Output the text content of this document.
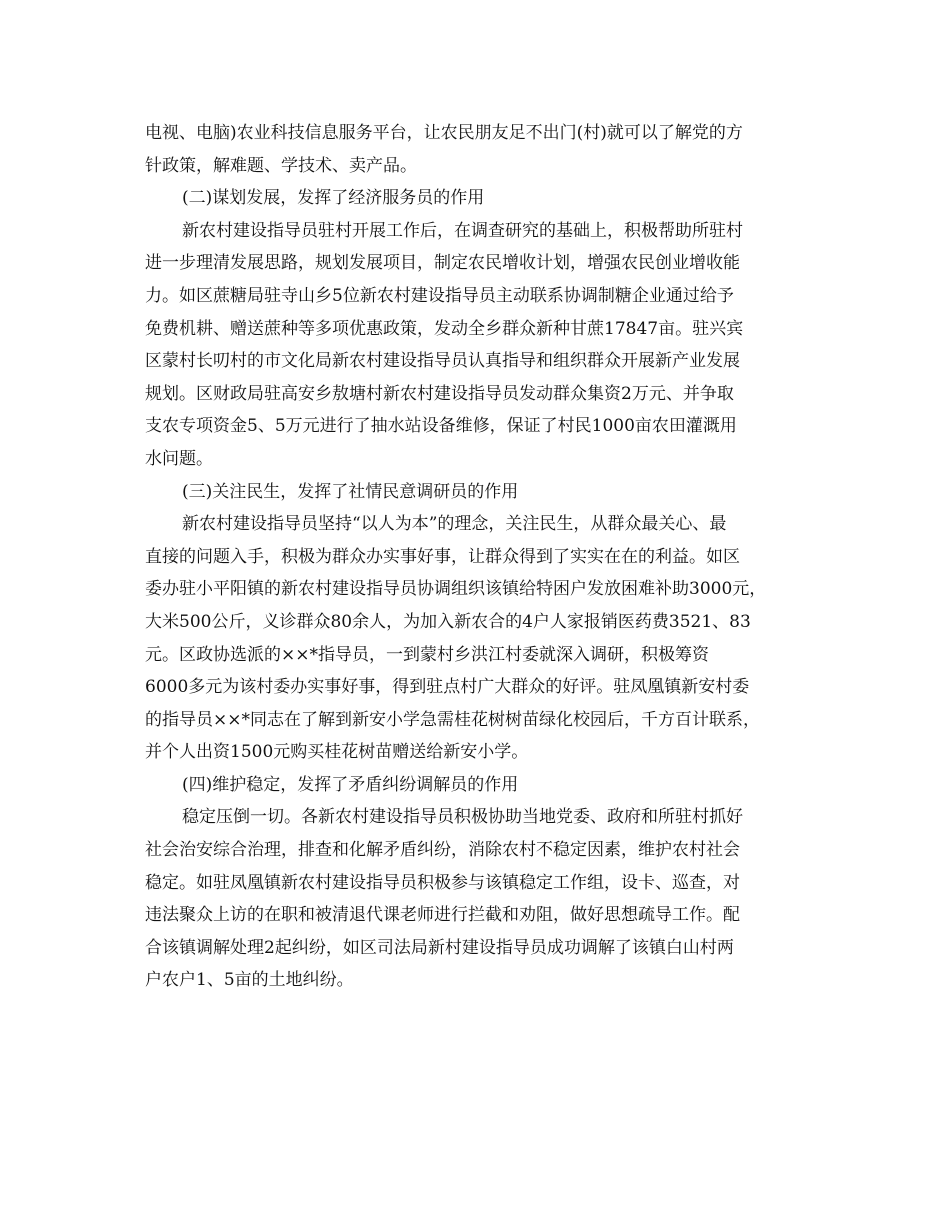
电视、电脑)农业科技信息服务平台，让农民朋友足不出门(村)就可以了解党的方
针政策，解难题、学技术、卖产品。
(二)谋划发展，发挥了经济服务员的作用
新农村建设指导员驻村开展工作后，在调查研究的基础上，积极帮助所驻村
进一步理清发展思路，规划发展项目，制定农民增收计划，增强农民创业增收能
力。如区蔗糖局驻寺山乡5位新农村建设指导员主动联系协调制糖企业通过给予
免费机耕、赠送蔗种等多项优惠政策，发动全乡群众新种甘蔗17847亩。驻兴宾
区蒙村长叨村的市文化局新农村建设指导员认真指导和组织群众开展新产业发展
规划。区财政局驻高安乡敖塘村新农村建设指导员发动群众集资2万元、并争取
支农专项资金5、5万元进行了抽水站设备维修，保证了村民1000亩农田灌溉用
水问题。
(三)关注民生，发挥了社情民意调研员的作用
新农村建设指导员坚持“以人为本”的理念，关注民生，从群众最关心、最
直接的问题入手，积极为群众办实事好事，让群众得到了实实在在的利益。如区
委办驻小平阳镇的新农村建设指导员协调组织该镇给特困户发放困难补助3000元，
大米500公斤，义诊群众80余人，为加入新农合的4户人家报销医药费3521、83
元。区政协选派的××*指导员，一到蒙村乡洪江村委就深入调研，积极筹资
6000多元为该村委办实事好事，得到驻点村广大群众的好评。驻凤凰镇新安村委
的指导员××*同志在了解到新安小学急需桂花树树苗绿化校园后，千方百计联系，
并个人出资1500元购买桂花树苗赠送给新安小学。
(四)维护稳定，发挥了矛盾纠纷调解员的作用
稳定压倒一切。各新农村建设指导员积极协助当地党委、政府和所驻村抓好
社会治安综合治理，排查和化解矛盾纠纷，消除农村不稳定因素，维护农村社会
稳定。如驻凤凰镇新农村建设指导员积极参与该镇稳定工作组，设卡、巡查，对
违法聚众上访的在职和被清退代课老师进行拦截和劝阻，做好思想疏导工作。配
合该镇调解处理2起纠纷，如区司法局新村建设指导员成功调解了该镇白山村两
户农户1、5亩的土地纠纷。
